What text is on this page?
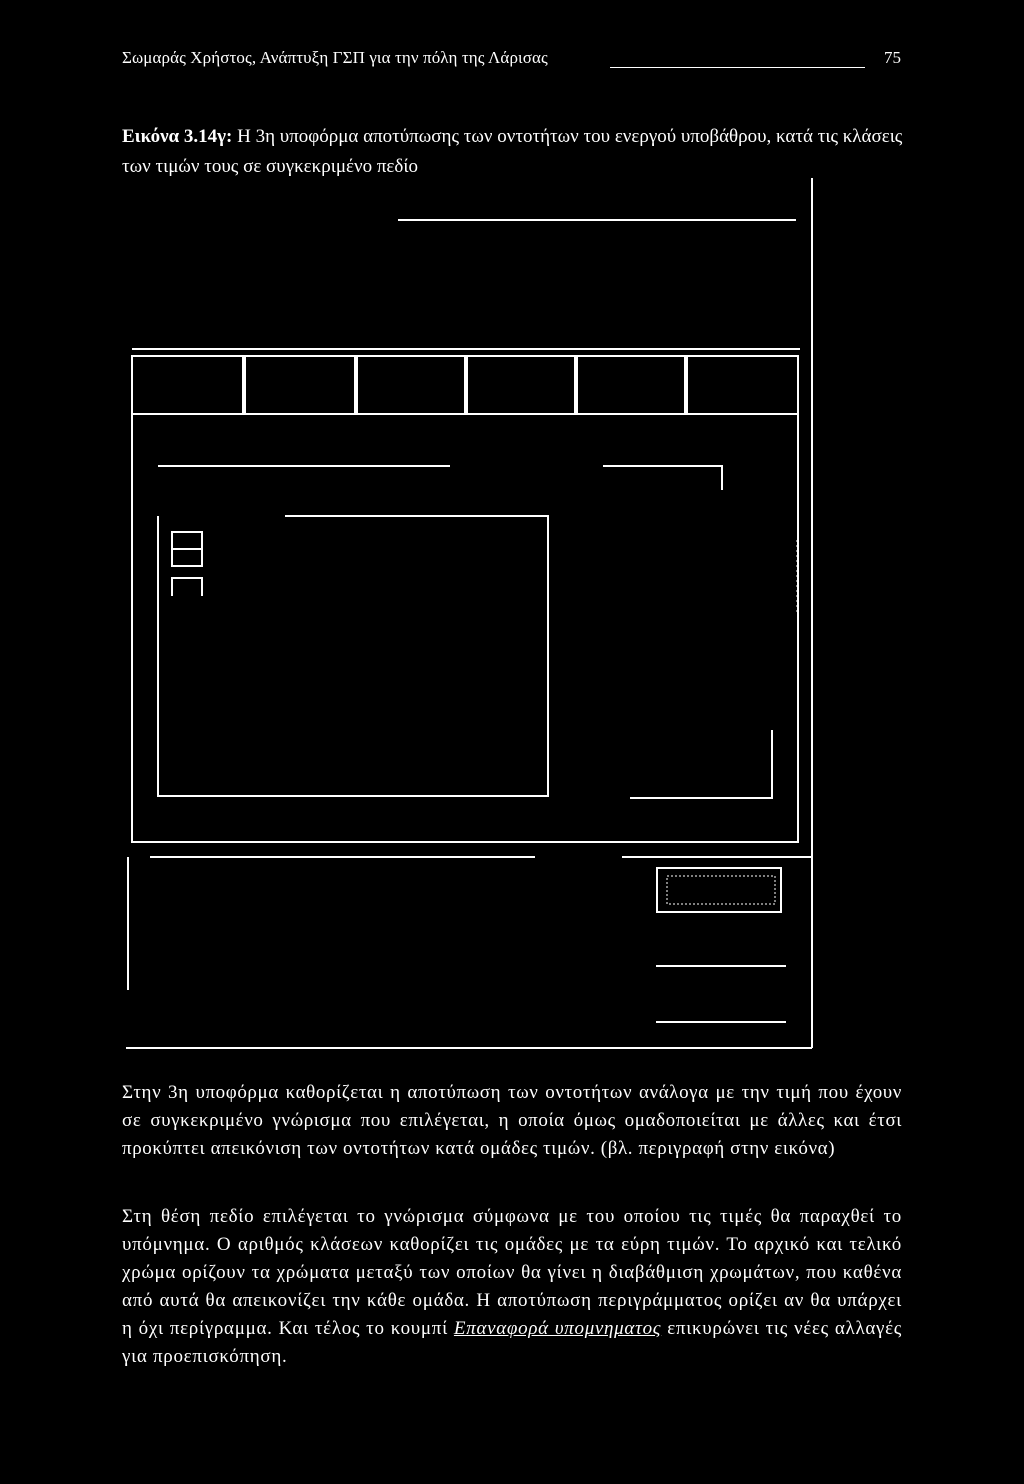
Σωμαράς Χρήστος, Ανάπτυξη ΓΣΠ για την πόλη της Λάρισας	75
Εικόνα 3.14γ: Η 3η υποφόρμα αποτύπωσης των οντοτήτων του ενεργού υποβάθρου, κατά τις κλάσεις των τιμών τους σε συγκεκριμένο πεδίο
Στην 3η υποφόρμα καθορίζεται η αποτύπωση των οντοτήτων ανάλογα με την τιμή που έχουν σε συγκεκριμένο γνώρισμα που επιλέγεται, η οποία όμως ομαδοποιείται με άλλες και έτσι προκύπτει απεικόνιση των οντοτήτων κατά ομάδες τιμών. (βλ. περιγραφή στην εικόνα)
Στη θέση πεδίο επιλέγεται το γνώρισμα σύμφωνα με του οποίου τις τιμές θα παραχθεί το υπόμνημα. Ο αριθμός κλάσεων καθορίζει τις ομάδες με τα εύρη τιμών. Το αρχικό και τελικό χρώμα ορίζουν τα χρώματα μεταξύ των οποίων θα γίνει η διαβάθμιση χρωμάτων, που καθένα από αυτά θα απεικονίζει την κάθε ομάδα. Η αποτύπωση περιγράμματος ορίζει αν θα υπάρχει η όχι περίγραμμα. Και τέλος το κουμπί Επαναφορά υπομνηματος επικυρώνει τις νέες αλλαγές για προεπισκόπηση.
